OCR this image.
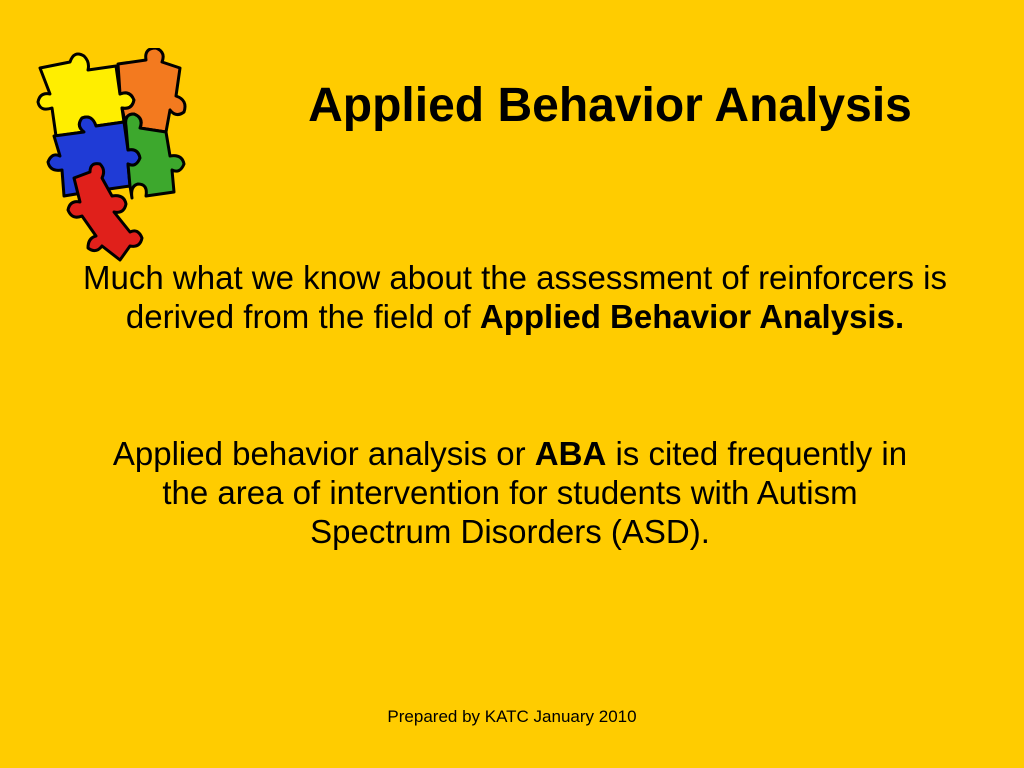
Applied Behavior Analysis
Much what we know about the assessment of reinforcers is derived from the field of Applied Behavior Analysis.
Applied behavior analysis or ABA is cited frequently in the area of intervention for students with Autism Spectrum Disorders (ASD).
Prepared by KATC January 2010
